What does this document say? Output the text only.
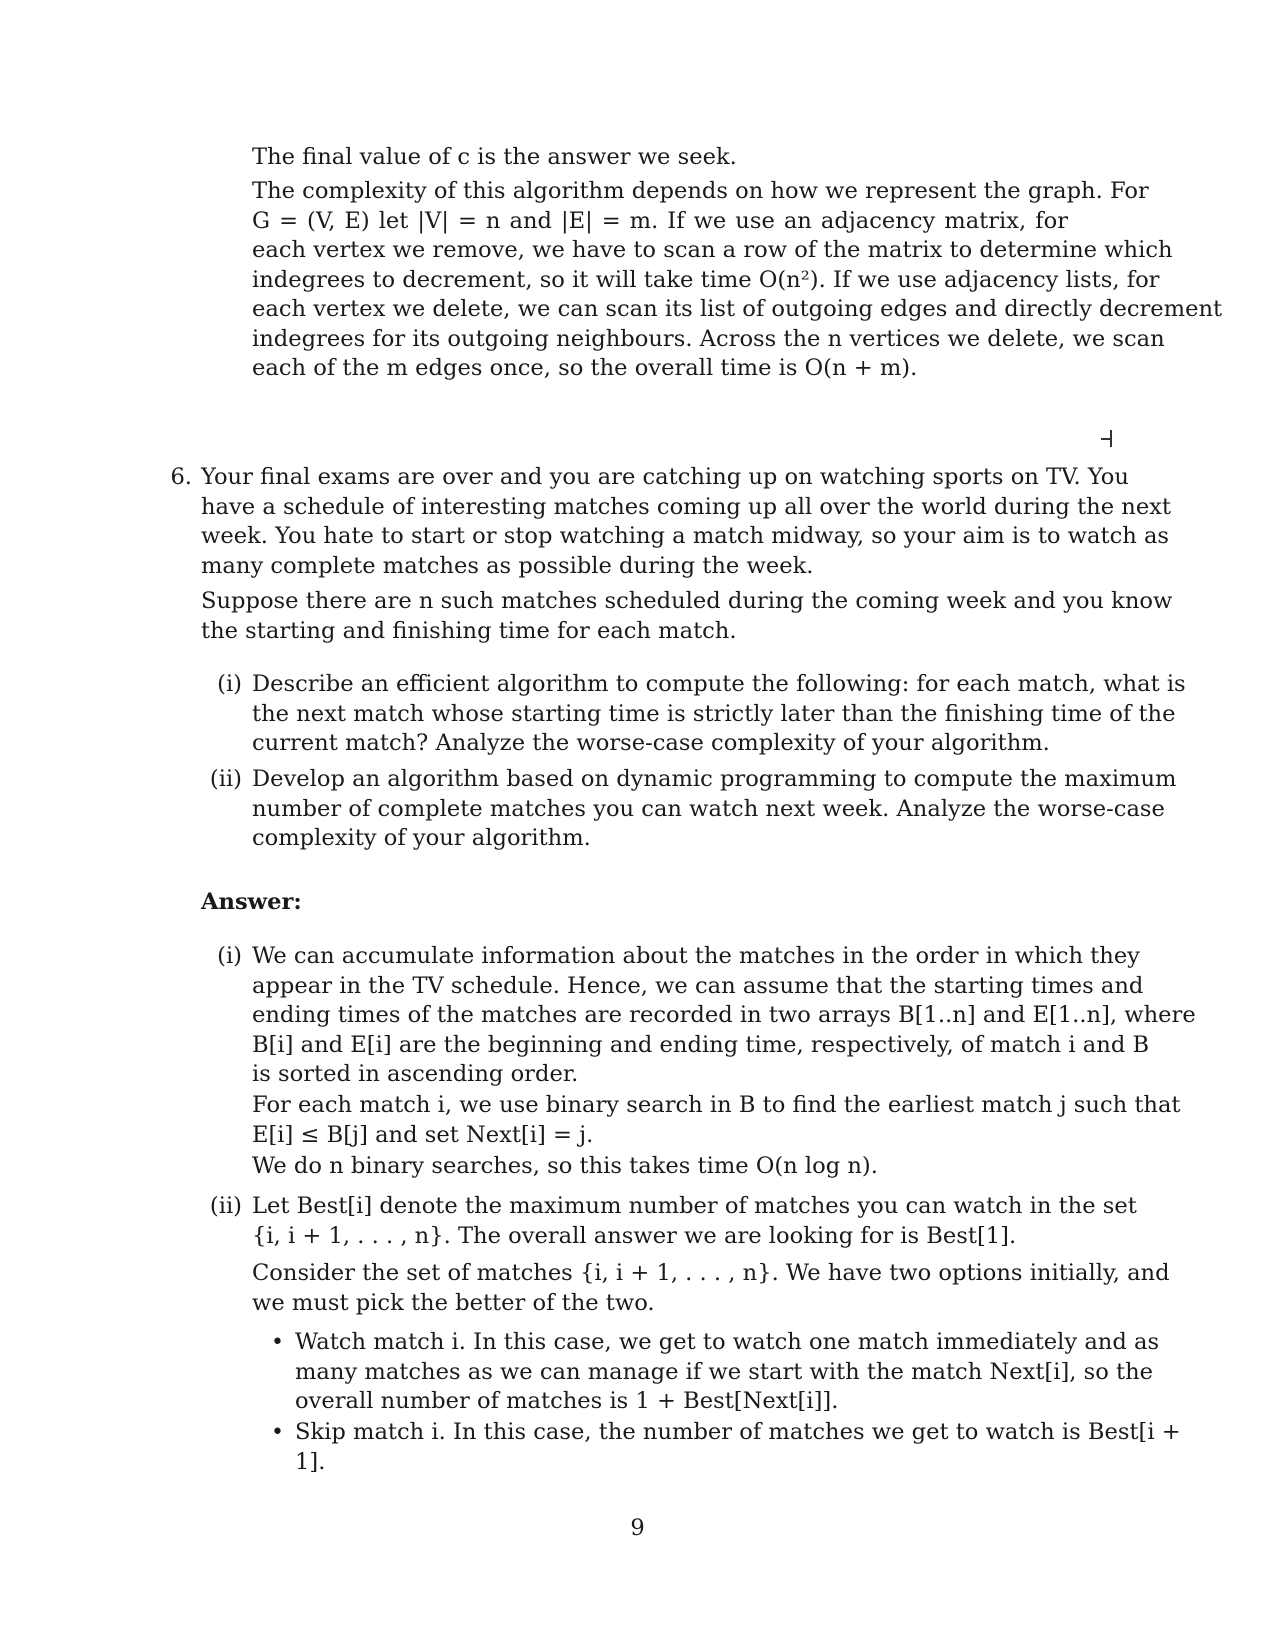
The final value of c is the answer we seek.
The complexity of this algorithm depends on how we represent the graph. For
G = (V, E) let |V| = n and |E| = m. If we use an adjacency matrix, for
each vertex we remove, we have to scan a row of the matrix to determine which
indegrees to decrement, so it will take time O(n²). If we use adjacency lists, for
each vertex we delete, we can scan its list of outgoing edges and directly decrement
indegrees for its outgoing neighbours. Across the n vertices we delete, we scan
each of the m edges once, so the overall time is O(n + m).
6. Your final exams are over and you are catching up on watching sports on TV. You
have a schedule of interesting matches coming up all over the world during the next
week. You hate to start or stop watching a match midway, so your aim is to watch as
many complete matches as possible during the week.
Suppose there are n such matches scheduled during the coming week and you know
the starting and finishing time for each match.
(i) Describe an efficient algorithm to compute the following: for each match, what is
the next match whose starting time is strictly later than the finishing time of the
current match? Analyze the worse-case complexity of your algorithm.
(ii) Develop an algorithm based on dynamic programming to compute the maximum
number of complete matches you can watch next week. Analyze the worse-case
complexity of your algorithm.
Answer:
(i) We can accumulate information about the matches in the order in which they
appear in the TV schedule. Hence, we can assume that the starting times and
ending times of the matches are recorded in two arrays B[1..n] and E[1..n], where
B[i] and E[i] are the beginning and ending time, respectively, of match i and B
is sorted in ascending order.
For each match i, we use binary search in B to find the earliest match j such that
E[i] ≤ B[j] and set Next[i] = j.
We do n binary searches, so this takes time O(n log n).
(ii) Let Best[i] denote the maximum number of matches you can watch in the set
{i, i + 1, . . . , n}. The overall answer we are looking for is Best[1].
Consider the set of matches {i, i + 1, . . . , n}. We have two options initially, and
we must pick the better of the two.
• Watch match i. In this case, we get to watch one match immediately and as
many matches as we can manage if we start with the match Next[i], so the
overall number of matches is 1 + Best[Next[i]].
• Skip match i. In this case, the number of matches we get to watch is Best[i +
1].
9
